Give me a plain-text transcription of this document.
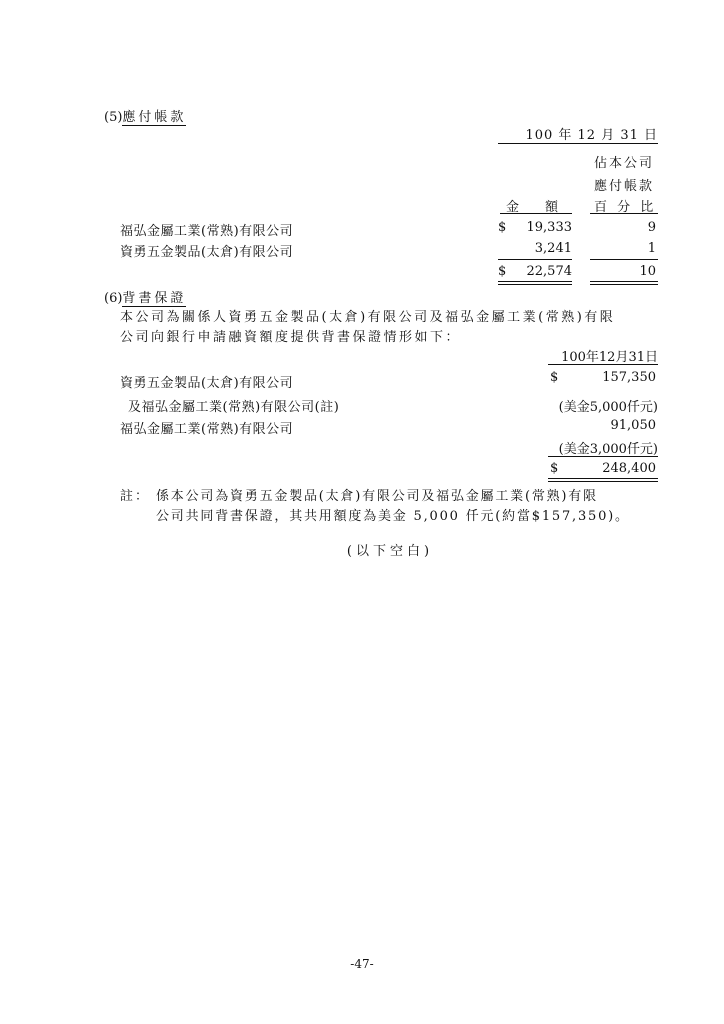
(5)應付帳款
100 年 12 月 31 日
佔本公司
應付帳款
百 分 比
金　　額
福弘金屬工業(常熟)有限公司	$	19,333	9
資勇五金製品(太倉)有限公司	3,241	1
$	22,574	10
(6)背書保證
本公司為關係人資勇五金製品(太倉)有限公司及福弘金屬工業(常熟)有限
公司向銀行申請融資額度提供背書保證情形如下：
100年12月31日
資勇五金製品(太倉)有限公司	$	157,350
及福弘金屬工業(常熟)有限公司(註)	(美金5,000仟元)
福弘金屬工業(常熟)有限公司	91,050
(美金3,000仟元)
$	248,400
註： 係本公司為資勇五金製品(太倉)有限公司及福弘金屬工業(常熟)有限
公司共同背書保證，其共用額度為美金 5,000 仟元(約當$157,350)。
(以下空白)
-47-
